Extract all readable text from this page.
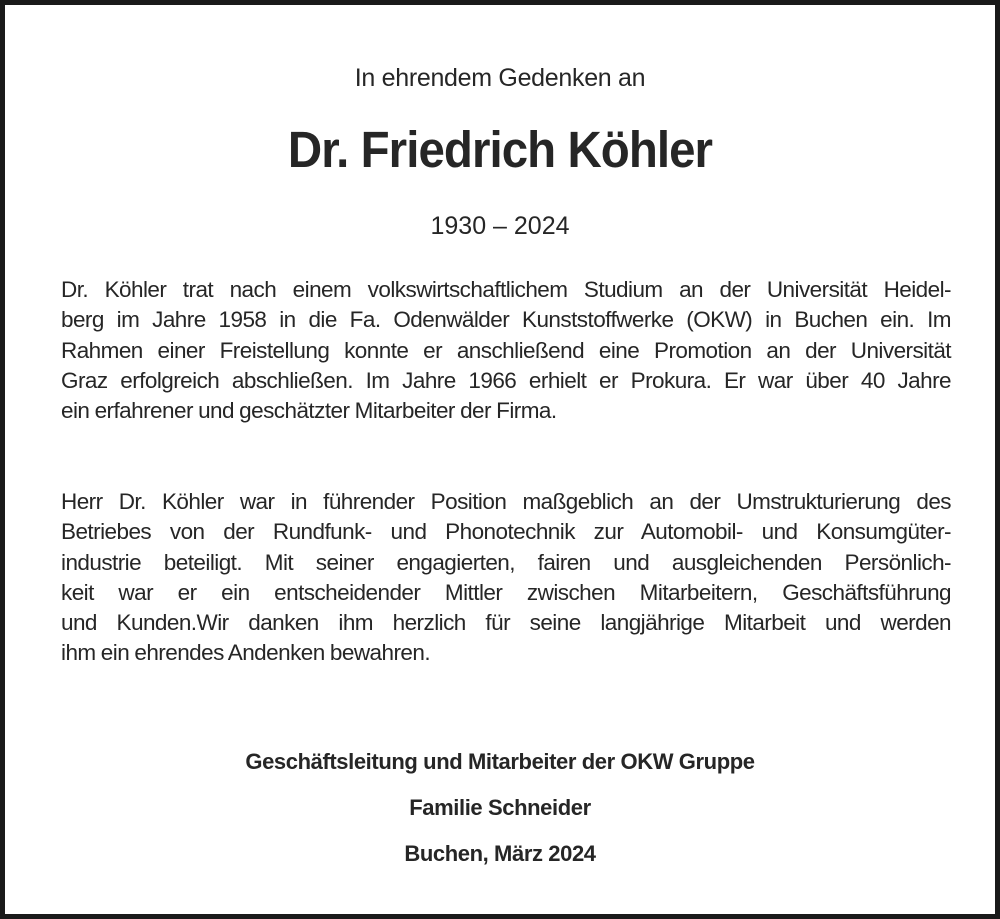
In ehrendem Gedenken an
Dr. Friedrich Köhler
1930 – 2024
Dr. Köhler trat nach einem volkswirtschaftlichem Studium an der Universität Heidel-
berg im Jahre 1958 in die Fa. Odenwälder Kunststoffwerke (OKW) in Buchen ein. Im
Rahmen einer Freistellung konnte er anschließend eine Promotion an der Universität
Graz erfolgreich abschließen. Im Jahre 1966 erhielt er Prokura. Er war über 40 Jahre
ein erfahrener und geschätzter Mitarbeiter der Firma.
Herr Dr. Köhler war in führender Position maßgeblich an der Umstrukturierung des
Betriebes von der Rundfunk- und Phonotechnik zur Automobil- und Konsumgüter-
industrie beteiligt. Mit seiner engagierten, fairen und ausgleichenden Persönlich-
keit war er ein entscheidender Mittler zwischen Mitarbeitern, Geschäftsführung
und Kunden.Wir danken ihm herzlich für seine langjährige Mitarbeit und werden
ihm ein ehrendes Andenken bewahren.
Geschäftsleitung und Mitarbeiter der OKW Gruppe
Familie Schneider
Buchen, März 2024
